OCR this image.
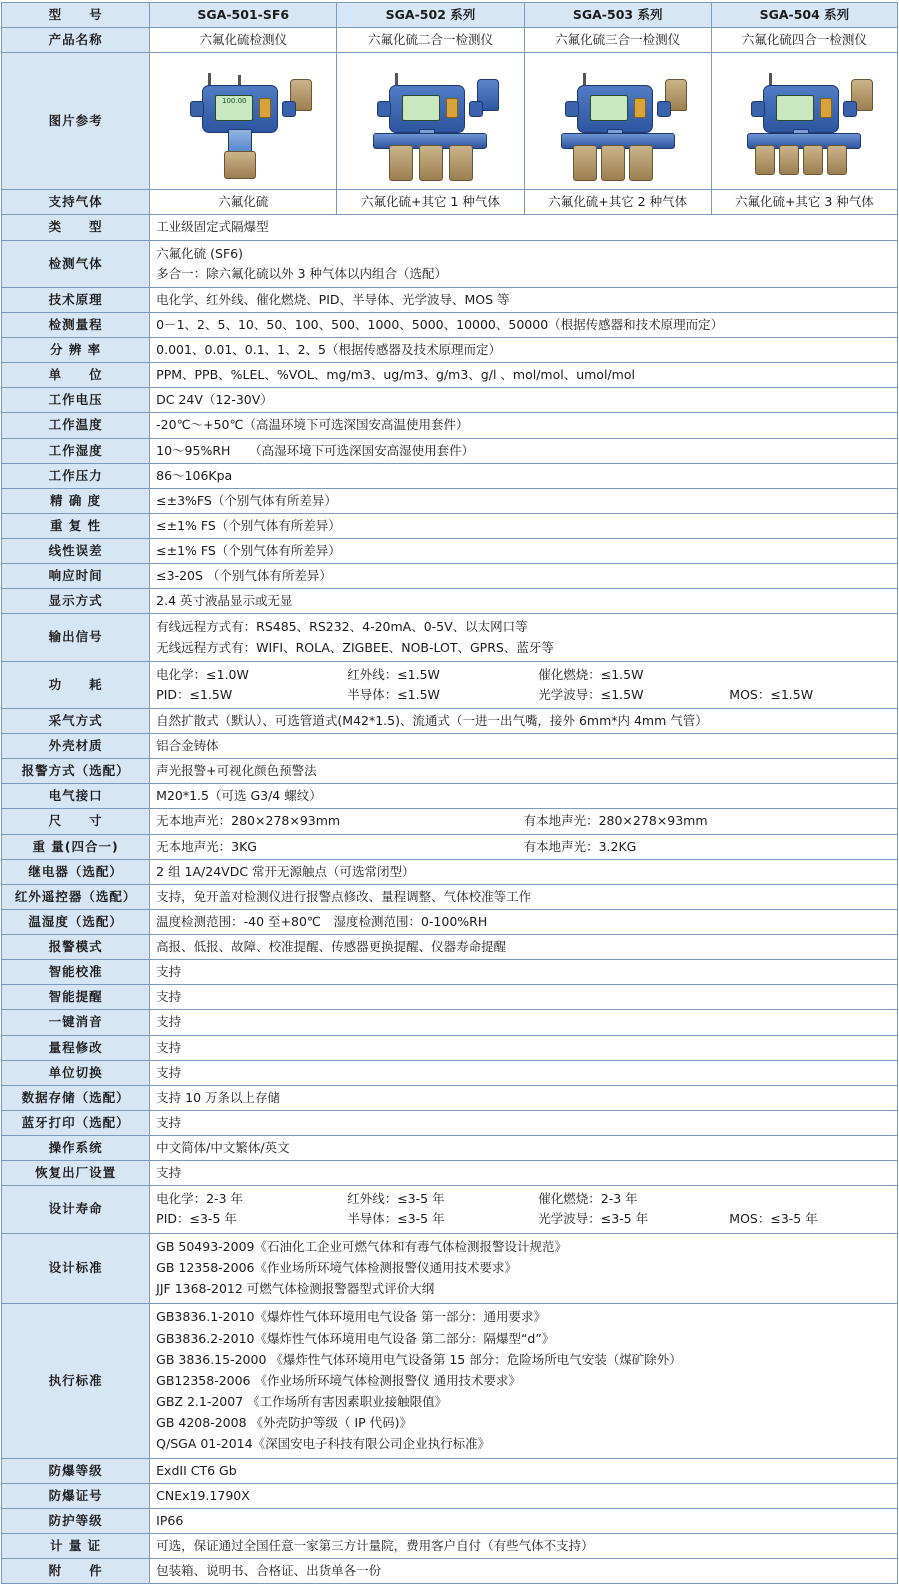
型　　号	SGA-501-SF6	SGA-502 系列	SGA-503 系列	SGA-504 系列
产品名称	六氟化硫检测仪	六氟化硫二合一检测仪	六氟化硫三合一检测仪	六氟化硫四合一检测仪
图片参考	100.00			

支持气体	六氟化硫	六氟化硫+其它 1 种气体	六氟化硫+其它 2 种气体	六氟化硫+其它 3 种气体
类　　型	工业级固定式隔爆型			
检测气体	六氟化硫 (SF6)
多合一：除六氟化硫以外 3 种气体以内组合（选配）			

技术原理	电化学、红外线、催化燃烧、PID、半导体、光学波导、MOS 等			
检测量程	0－1、2、5、10、50、100、500、1000、5000、10000、50000（根据传感器和技术原理而定）			
分 辨 率	0.001、0.01、0.1、1、2、5（根据传感器及技术原理而定）			
单　　位	PPM、PPB、%LEL、%VOL、mg/m3、ug/m3、g/m3、g/l 、mol/mol、umol/mol			
工作电压	DC 24V（12-30V）			
工作温度	-20℃～+50℃（高温环境下可选深国安高温使用套件）			
工作湿度	10～95%RH　　（高湿环境下可选深国安高湿使用套件）			
工作压力	86～106Kpa			
精 确 度	≤±3%FS（个别气体有所差异）			
重 复 性	≤±1% FS（个别气体有所差异）			
线性误差	≤±1% FS（个别气体有所差异）			
响应时间	≤3-20S （个别气体有所差异）			
显示方式	2.4 英寸液晶显示或无显			
输出信号	有线远程方式有：RS485、RS232、4-20mA、0-5V、以太网口等
无线远程方式有：WIFI、ROLA、ZIGBEE、NOB-LOT、GPRS、蓝牙等			

功　　耗	
电化学：≤1.0W	红外线：≤1.5W	催化燃烧：≤1.5W
PID：≤1.5W	半导体：≤1.5W	光学波导：≤1.5W	MOS：≤1.5W

采气方式	自然扩散式（默认）、可选管道式(M42*1.5)、流通式（一进一出气嘴，接外 6mm*内 4mm 气管）			
外壳材质	铝合金铸体			
报警方式（选配）	声光报警+可视化颜色预警法			
电气接口	M20*1.5（可选 G3/4 螺纹）			
尺　　寸	无本地声光：280×278×93mm 有本地声光：280×278×93mm			

重 量(四合一)	无本地声光：3KG 有本地声光：3.2KG			

继电器（选配）	2 组 1A/24VDC 常开无源触点（可选常闭型）			
红外遥控器（选配）	支持，免开盖对检测仪进行报警点修改、量程调整、气体校准等工作			
温湿度（选配）	温度检测范围：-40 至+80℃　湿度检测范围：0-100%RH			
报警模式	高报、低报、故障、校准提醒、传感器更换提醒、仪器寿命提醒			
智能校准	支持			
智能提醒	支持			
一键消音	支持			
量程修改	支持			
单位切换	支持			
数据存储（选配）	支持 10 万条以上存储			
蓝牙打印（选配）	支持			
操作系统	中文简体/中文繁体/英文			
恢复出厂设置	支持			
设计寿命	
电化学：2-3 年	红外线：≤3-5 年	催化燃烧：2-3 年
PID：≤3-5 年	半导体：≤3-5 年	光学波导：≤3-5 年	MOS：≤3-5 年

设计标准	GB 50493-2009《石油化工企业可燃气体和有毒气体检测报警设计规范》
GB 12358-2006《作业场所环境气体检测报警仪通用技术要求》
JJF 1368-2012 可燃气体检测报警器型式评价大纲			

执行标准	
GB3836.1-2010《爆炸性气体环境用电气设备 第一部分：通用要求》
GB3836.2-2010《爆炸性气体环境用电气设备 第二部分：隔爆型“d”》
GB 3836.15-2000 《爆炸性气体环境用电气设备第 15 部分：危险场所电气安装（煤矿除外）
GB12358-2006 《作业场所环境气体检测报警仪 通用技术要求》
GBZ 2.1-2007 《工作场所有害因素职业接触限值》
GB 4208-2008 《外壳防护等级（ IP 代码)》
Q/SGA 01-2014《深国安电子科技有限公司企业执行标准》

防爆等级	ExdII CT6 Gb			
防爆证号	CNEx19.1790X			
防护等级	IP66			
计 量 证	可选，保证通过全国任意一家第三方计量院，费用客户自付（有些气体不支持）			
附　　件	包装箱、说明书、合格证、出货单各一份			
